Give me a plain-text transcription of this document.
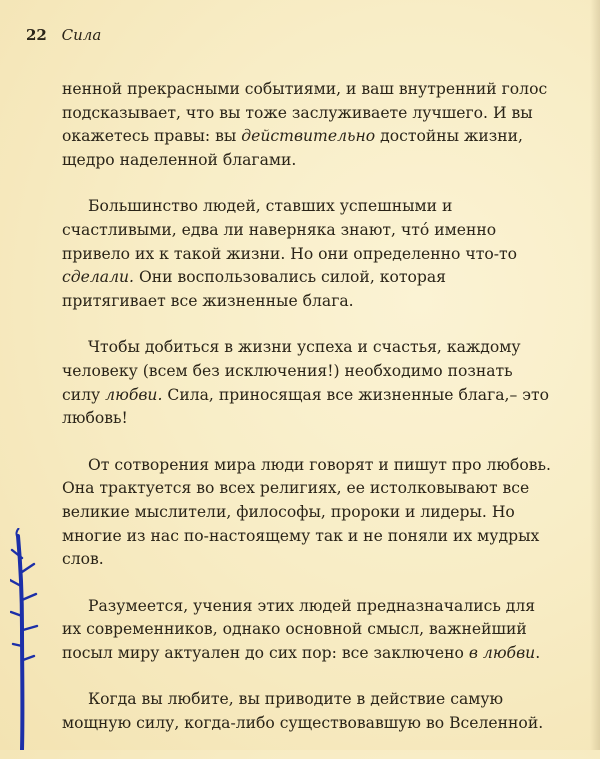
22 Сила

ненной прекрасными событиями, и ваш внутренний голос подсказывает, что вы тоже заслуживаете лучшего. И вы окажетесь правы: вы действительно достойны жизни, щедро наделенной благами.

Большинство людей, ставших успешными и счастливыми, едва ли наверняка знают, чтó именно привело их к такой жизни. Но они определенно что-то сделали. Они воспользовались силой, которая притягивает все жизненные блага.

Чтобы добиться в жизни успеха и счастья, каждому человеку (всем без исключения!) необходимо познать силу любви. Сила, приносящая все жизненные блага,– это любовь!

От сотворения мира люди говорят и пишут про любовь. Она трактуется во всех религиях, ее истолковывают все великие мыслители, философы, пророки и лидеры. Но многие из нас по-настоящему так и не поняли их мудрых слов.

Разумеется, учения этих людей предназначались для их современников, однако основной смысл, важнейший посыл миру актуален до сих пор: все заключено в любви.

Когда вы любите, вы приводите в действие самую мощную силу, когда-либо существовавшую во Вселенной.
